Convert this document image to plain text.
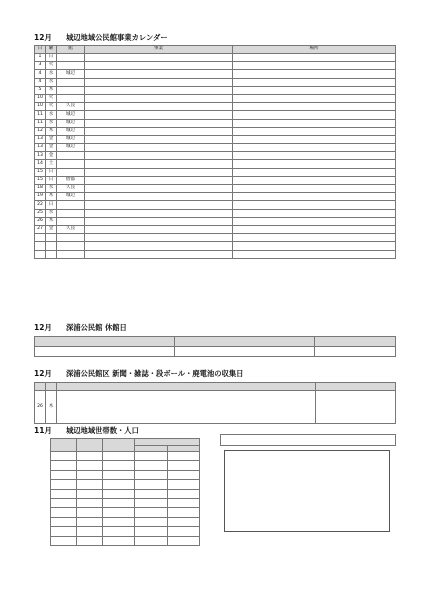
12月 城辺地域公民館事業カレンダー
日	曜	館	事業	場所
1	日			
3	火			
4	水	城辺		
4	水			
5	木			
10	火			
10	火	久良		
11	水	城辺		
11	水	城辺		
12	木	城辺		
13	金	城辺		
13	金	城辺		
13	金			
14	土			
15	日			
15	日	僧都		
18	水	久良		
19	木	城辺		
22	日			
25	水			
26	木			
27	金	久良		

12月 深浦公民館 休館日

12月 深浦公民館区 新聞・雑誌・段ボール・廃電池の収集日

26	木		
11月 城辺地域世帯数・人口
